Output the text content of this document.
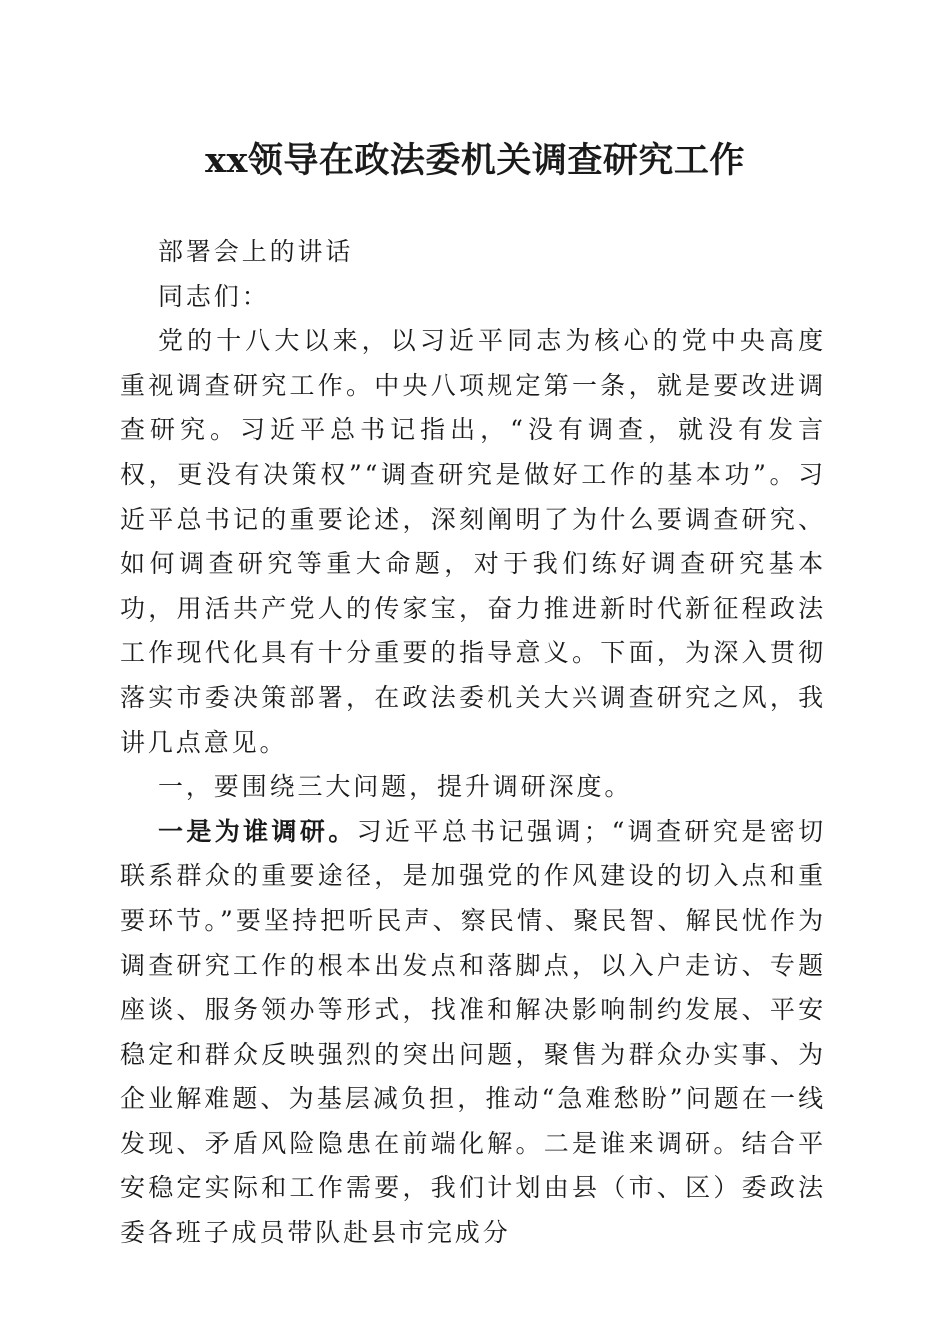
xx领导在政法委机关调查研究工作

部署会上的讲话

同志们：

党的十八大以来，以习近平同志为核心的党中央高度重视调查研究工作。中央八项规定第一条，就是要改进调查研究。习近平总书记指出，“没有调查，就没有发言权，更没有决策权”“调查研究是做好工作的基本功”。习近平总书记的重要论述，深刻阐明了为什么要调查研究、如何调查研究等重大命题，对于我们练好调查研究基本功，用活共产党人的传家宝，奋力推进新时代新征程政法工作现代化具有十分重要的指导意义。下面，为深入贯彻落实市委决策部署，在政法委机关大兴调查研究之风，我讲几点意见。

一，要围绕三大问题，提升调研深度。

一是为谁调研。习近平总书记强调；“调查研究是密切联系群众的重要途径，是加强党的作风建设的切入点和重要环节。”要坚持把听民声、察民情、聚民智、解民忧作为调查研究工作的根本出发点和落脚点，以入户走访、专题座谈、服务领办等形式，找准和解决影响制约发展、平安稳定和群众反映强烈的突出问题，聚售为群众办实事、为企业解难题、为基层减负担，推动“急难愁盼”问题在一线发现、矛盾风险隐患在前端化解。二是谁来调研。结合平安稳定实际和工作需要，我们计划由县（市、区）委政法委各班子成员带队赴县市完成分
